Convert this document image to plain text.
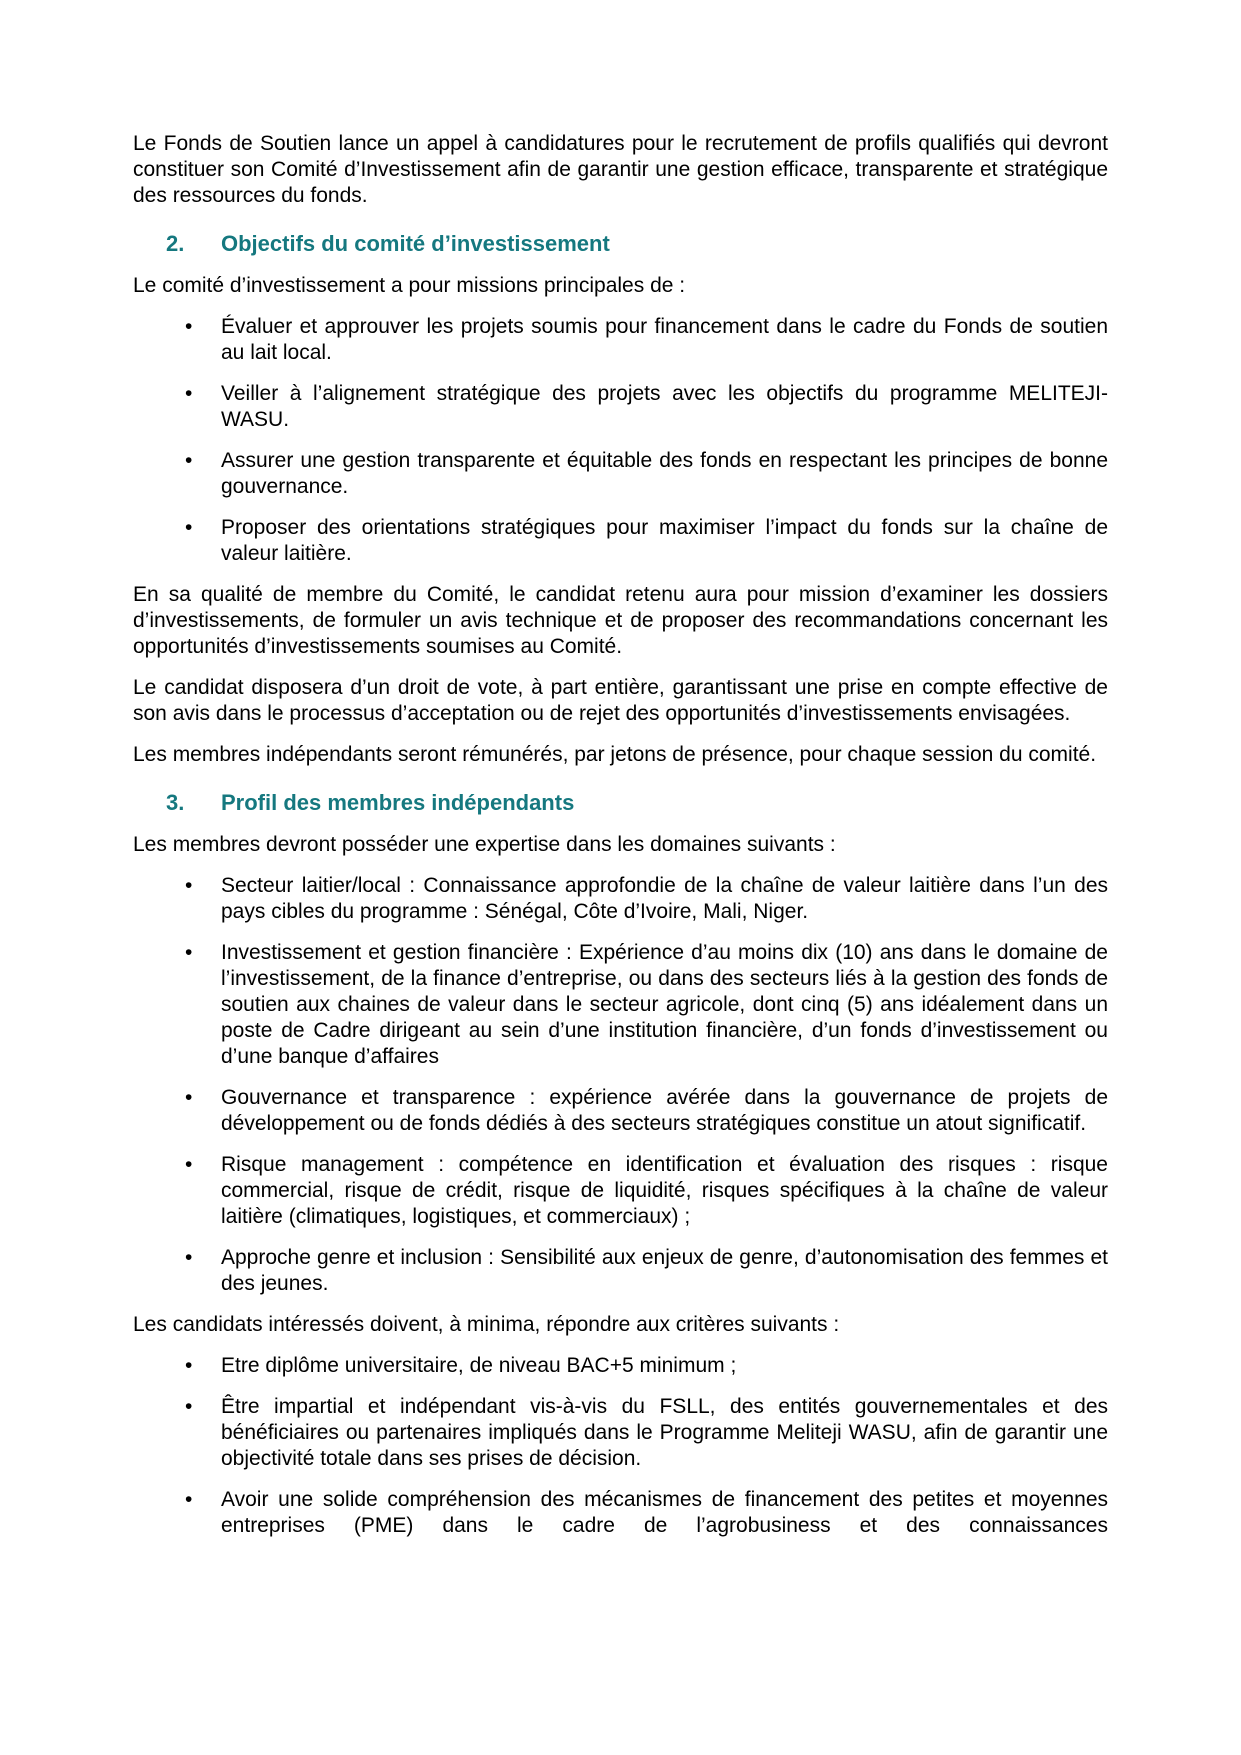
Le Fonds de Soutien lance un appel à candidatures pour le recrutement de profils qualifiés qui devront constituer son Comité d’Investissement afin de garantir une gestion efficace, transparente et stratégique des ressources du fonds.

2. Objectifs du comité d’investissement

Le comité d’investissement a pour missions principales de :

• Évaluer et approuver les projets soumis pour financement dans le cadre du Fonds de soutien au lait local.
• Veiller à l’alignement stratégique des projets avec les objectifs du programme MELITEJI-WASU.
• Assurer une gestion transparente et équitable des fonds en respectant les principes de bonne gouvernance.
• Proposer des orientations stratégiques pour maximiser l’impact du fonds sur la chaîne de valeur laitière.

En sa qualité de membre du Comité, le candidat retenu aura pour mission d’examiner les dossiers d’investissements, de formuler un avis technique et de proposer des recommandations concernant les opportunités d’investissements soumises au Comité.

Le candidat disposera d’un droit de vote, à part entière, garantissant une prise en compte effective de son avis dans le processus d’acceptation ou de rejet des opportunités d’investissements envisagées.

Les membres indépendants seront rémunérés, par jetons de présence, pour chaque session du comité.

3. Profil des membres indépendants

Les membres devront posséder une expertise dans les domaines suivants :

• Secteur laitier/local : Connaissance approfondie de la chaîne de valeur laitière dans l’un des pays cibles du programme : Sénégal, Côte d’Ivoire, Mali, Niger.
• Investissement et gestion financière : Expérience d’au moins dix (10) ans dans le domaine de l’investissement, de la finance d’entreprise, ou dans des secteurs liés à la gestion des fonds de soutien aux chaines de valeur dans le secteur agricole, dont cinq (5) ans idéalement dans un poste de Cadre dirigeant au sein d’une institution financière, d’un fonds d’investissement ou d’une banque d’affaires
• Gouvernance et transparence : expérience avérée dans la gouvernance de projets de développement ou de fonds dédiés à des secteurs stratégiques constitue un atout significatif.
• Risque management : compétence en identification et évaluation des risques : risque commercial, risque de crédit, risque de liquidité, risques spécifiques à la chaîne de valeur laitière (climatiques, logistiques, et commerciaux) ;
• Approche genre et inclusion : Sensibilité aux enjeux de genre, d’autonomisation des femmes et des jeunes.

Les candidats intéressés doivent, à minima, répondre aux critères suivants :

• Etre diplôme universitaire, de niveau BAC+5 minimum ;
• Être impartial et indépendant vis-à-vis du FSLL, des entités gouvernementales et des bénéficiaires ou partenaires impliqués dans le Programme Meliteji WASU, afin de garantir une objectivité totale dans ses prises de décision.
• Avoir une solide compréhension des mécanismes de financement des petites et moyennes entreprises (PME) dans le cadre de l’agrobusiness et des connaissances
